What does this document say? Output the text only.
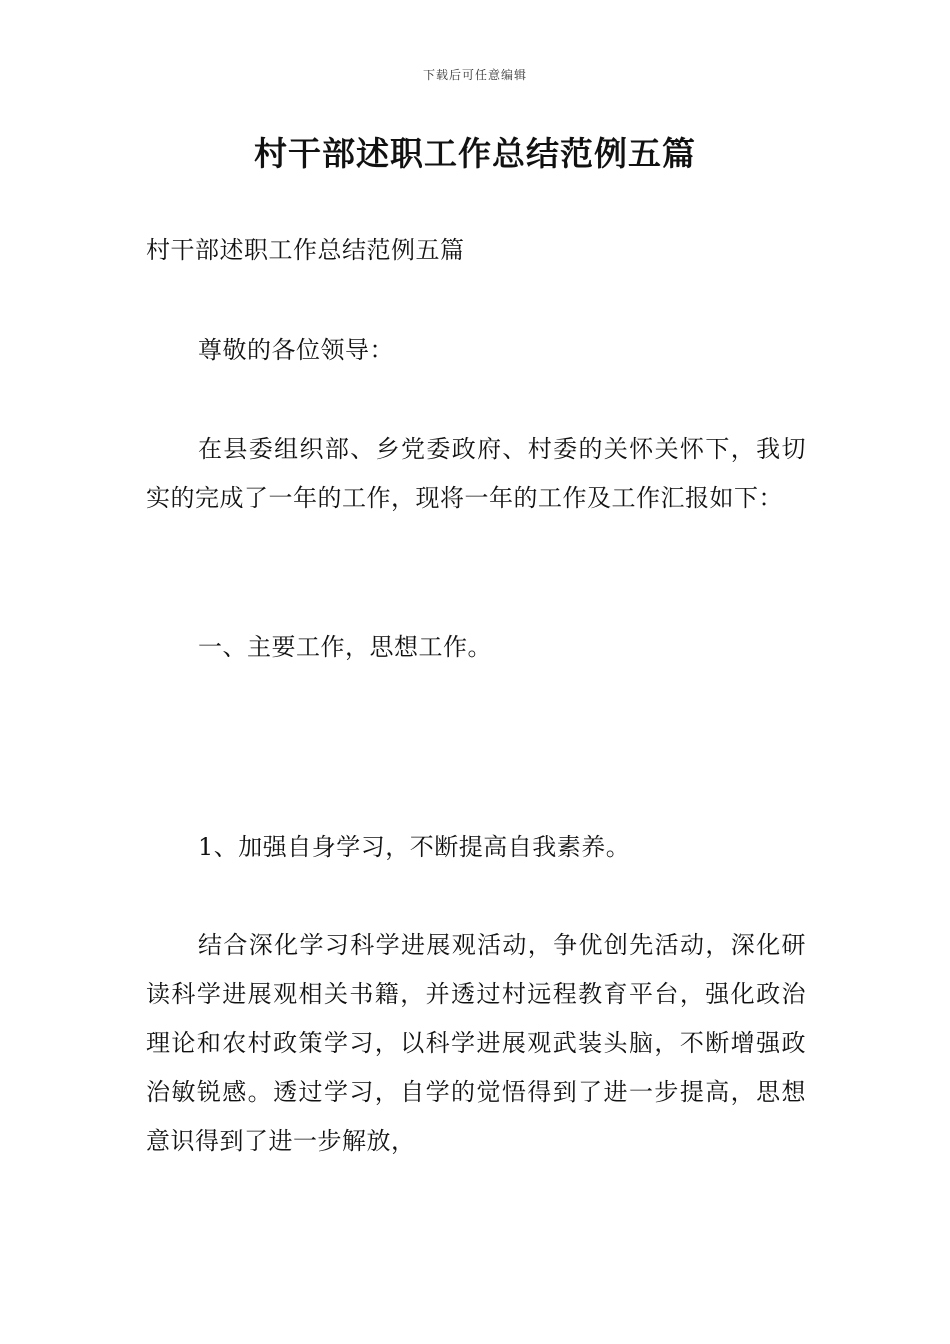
下载后可任意编辑
村干部述职工作总结范例五篇

村干部述职工作总结范例五篇

尊敬的各位领导：

在县委组织部、乡党委政府、村委的关怀关怀下，我切实的完成了一年的工作，现将一年的工作及工作汇报如下：

一、主要工作，思想工作。

1、加强自身学习，不断提高自我素养。

结合深化学习科学进展观活动，争优创先活动，深化研读科学进展观相关书籍，并透过村远程教育平台，强化政治理论和农村政策学习，以科学进展观武装头脑，不断增强政治敏锐感。透过学习，自学的觉悟得到了进一步提高，思想意识得到了进一步解放，
